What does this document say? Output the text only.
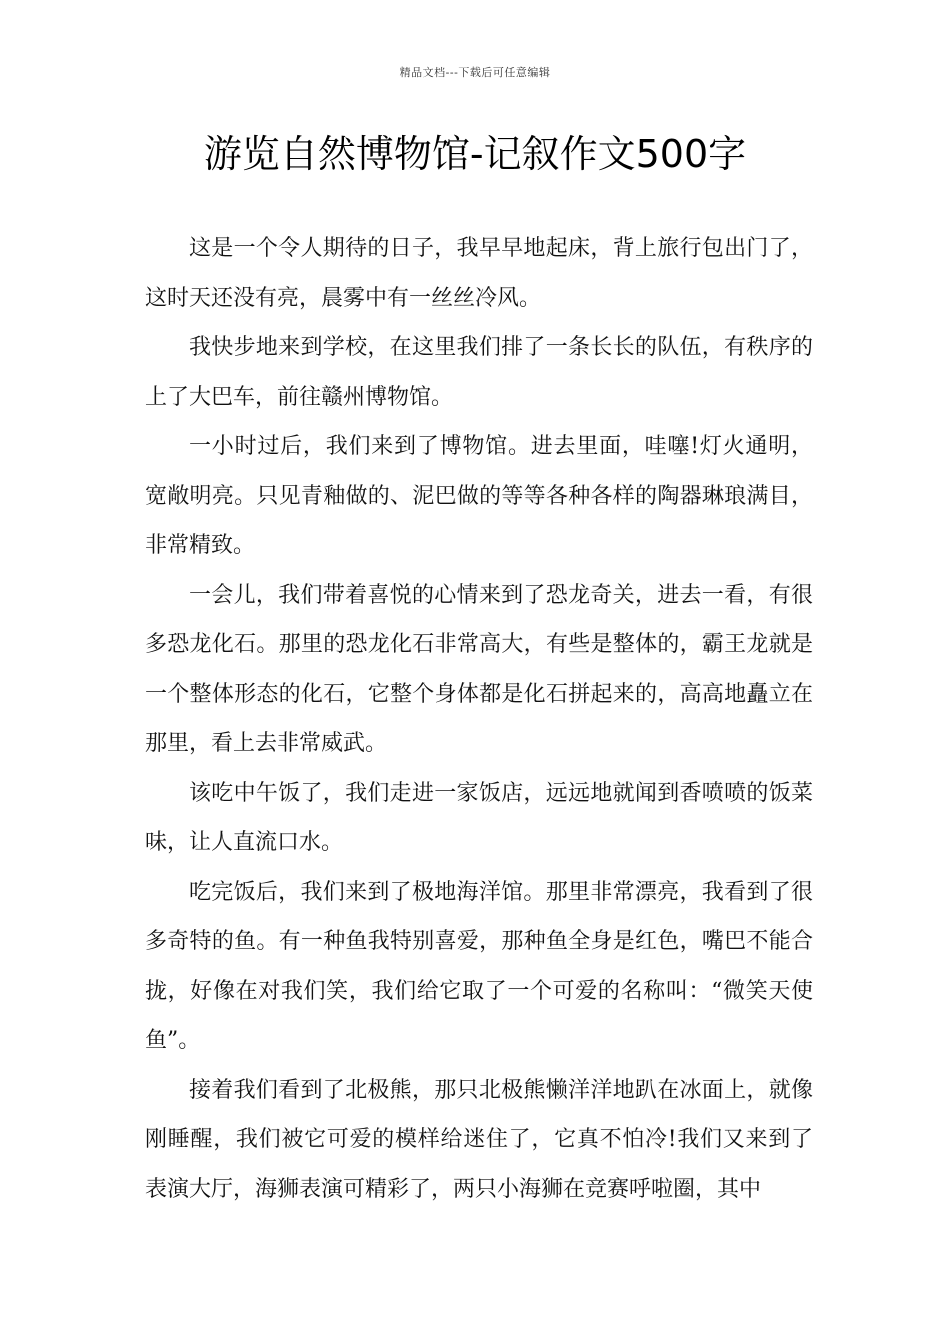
精品文档---下载后可任意编辑
游览自然博物馆-记叙作文500字

这是一个令人期待的日子，我早早地起床，背上旅行包出门了，这时天还没有亮，晨雾中有一丝丝冷风。

我快步地来到学校，在这里我们排了一条长长的队伍，有秩序的上了大巴车，前往赣州博物馆。

一小时过后，我们来到了博物馆。进去里面，哇噻!灯火通明，宽敞明亮。只见青釉做的、泥巴做的等等各种各样的陶器琳琅满目，非常精致。

一会儿，我们带着喜悦的心情来到了恐龙奇关，进去一看，有很多恐龙化石。那里的恐龙化石非常高大，有些是整体的，霸王龙就是一个整体形态的化石，它整个身体都是化石拼起来的，高高地矗立在那里，看上去非常威武。

该吃中午饭了，我们走进一家饭店，远远地就闻到香喷喷的饭菜味，让人直流口水。

吃完饭后，我们来到了极地海洋馆。那里非常漂亮，我看到了很多奇特的鱼。有一种鱼我特别喜爱，那种鱼全身是红色，嘴巴不能合拢，好像在对我们笑，我们给它取了一个可爱的名称叫：“微笑天使鱼”。

接着我们看到了北极熊，那只北极熊懒洋洋地趴在冰面上，就像刚睡醒，我们被它可爱的模样给迷住了，它真不怕冷!我们又来到了表演大厅，海狮表演可精彩了，两只小海狮在竞赛呼啦圈，其中
